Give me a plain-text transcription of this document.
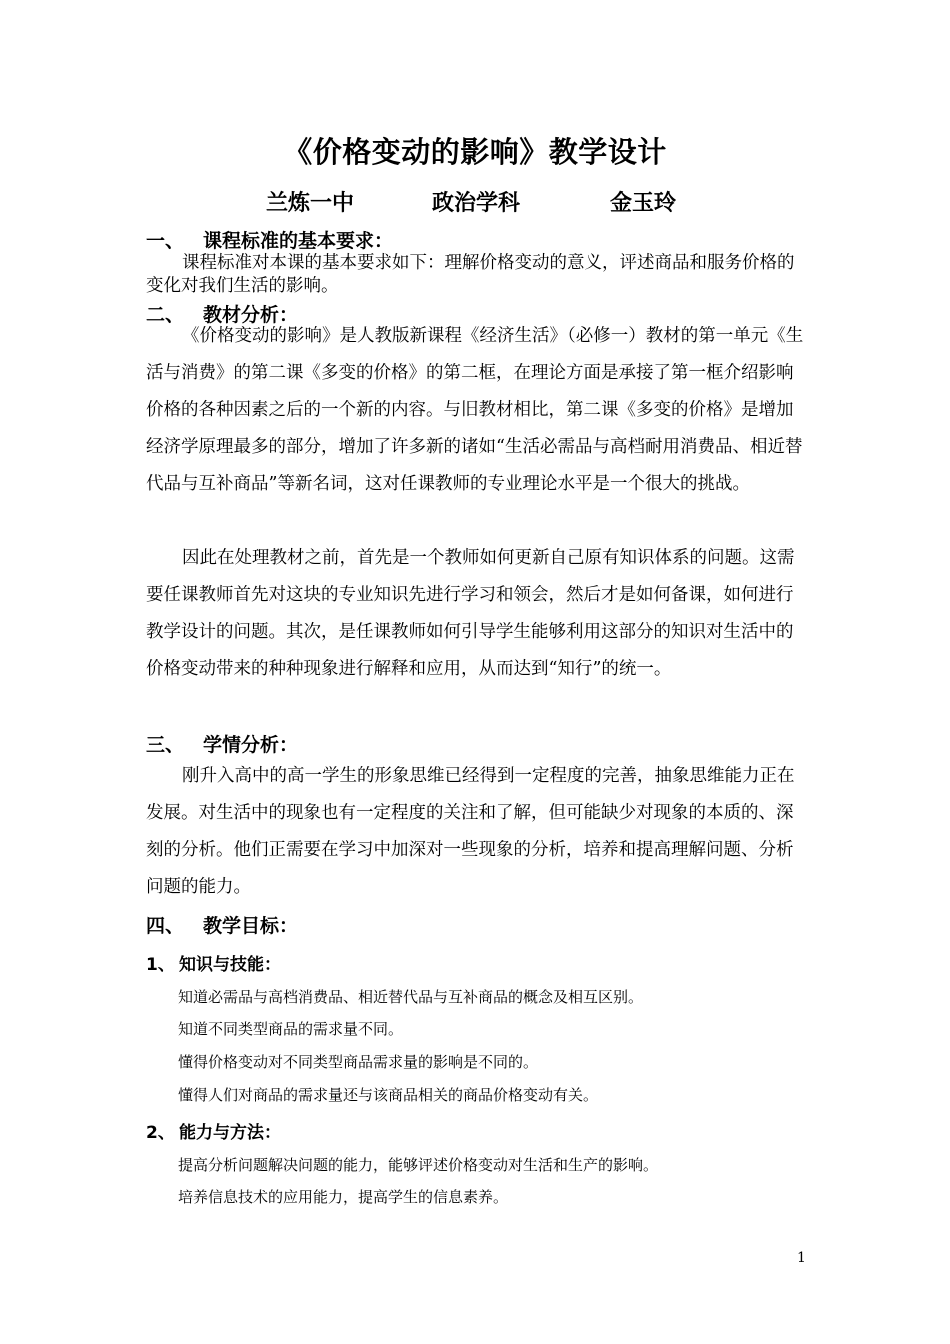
《价格变动的影响》教学设计
兰炼一中	政治学科	金玉玲
一、 课程标准的基本要求：
课程标准对本课的基本要求如下：理解价格变动的意义，评述商品和服务价格的变化对我们生活的影响。
二、 教材分析：
《价格变动的影响》是人教版新课程《经济生活》（必修一）教材的第一单元《生活与消费》的第二课《多变的价格》的第二框，在理论方面是承接了第一框介绍影响价格的各种因素之后的一个新的内容。与旧教材相比，第二课《多变的价格》是增加经济学原理最多的部分，增加了许多新的诸如“生活必需品与高档耐用消费品、相近替代品与互补商品”等新名词，这对任课教师的专业理论水平是一个很大的挑战。
因此在处理教材之前，首先是一个教师如何更新自己原有知识体系的问题。这需要任课教师首先对这块的专业知识先进行学习和领会，然后才是如何备课，如何进行教学设计的问题。其次，是任课教师如何引导学生能够利用这部分的知识对生活中的价格变动带来的种种现象进行解释和应用，从而达到“知行”的统一。
三、 学情分析：
刚升入高中的高一学生的形象思维已经得到一定程度的完善，抽象思维能力正在发展。对生活中的现象也有一定程度的关注和了解，但可能缺少对现象的本质的、深刻的分析。他们正需要在学习中加深对一些现象的分析，培养和提高理解问题、分析问题的能力。
四、 教学目标：
1、 知识与技能：
知道必需品与高档消费品、相近替代品与互补商品的概念及相互区别。
知道不同类型商品的需求量不同。
懂得价格变动对不同类型商品需求量的影响是不同的。
懂得人们对商品的需求量还与该商品相关的商品价格变动有关。
2、 能力与方法：
提高分析问题解决问题的能力，能够评述价格变动对生活和生产的影响。
培养信息技术的应用能力，提高学生的信息素养。
1
